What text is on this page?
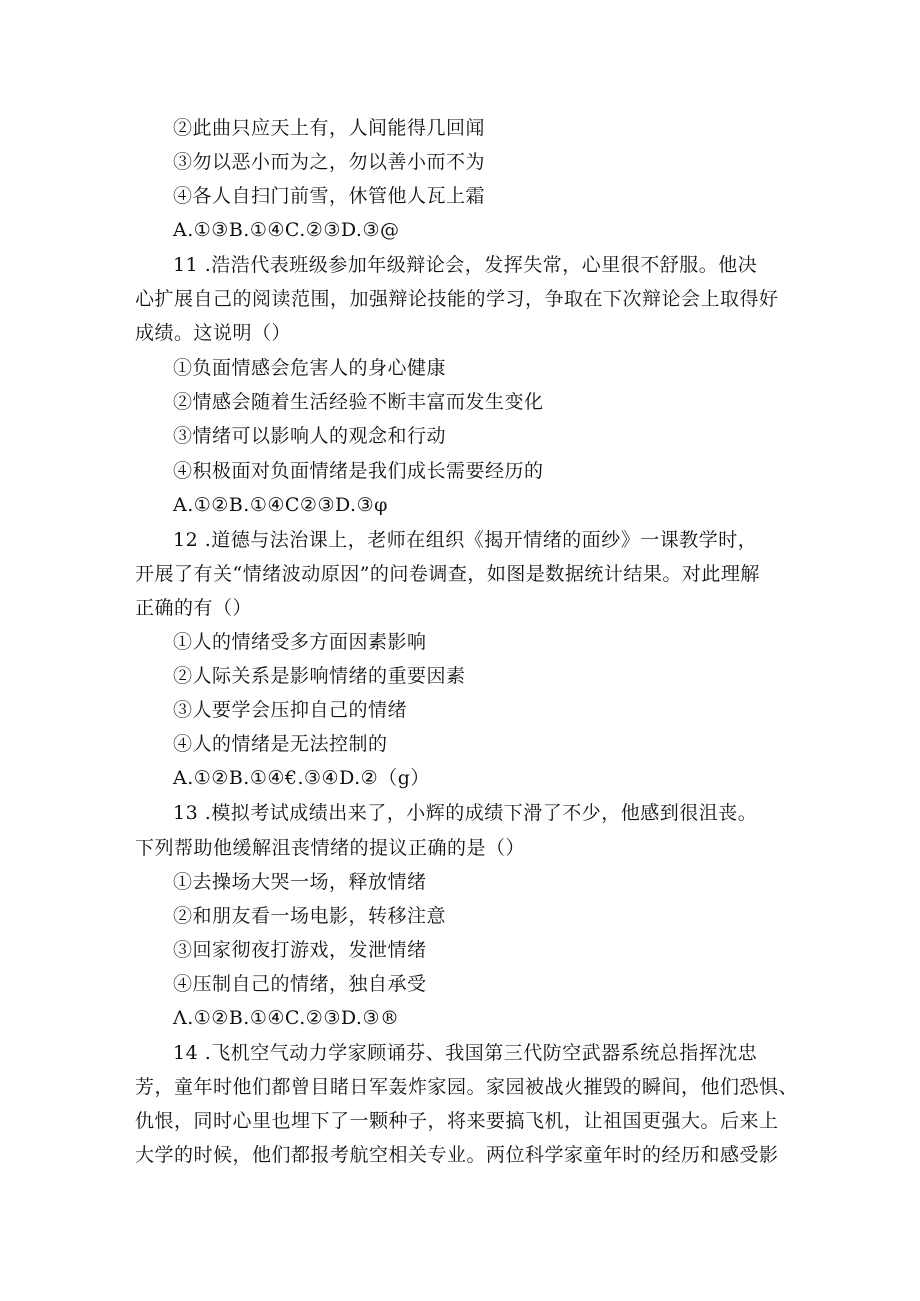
②此曲只应天上有，人间能得几回闻
③勿以恶小而为之，勿以善小而不为
④各人自扫门前雪，休管他人瓦上霜
A.①③B.①④C.②③D.③@
11 .浩浩代表班级参加年级辩论会，发挥失常，心里很不舒服。他决
心扩展自己的阅读范围，加强辩论技能的学习，争取在下次辩论会上取得好
成绩。这说明（）
①负面情感会危害人的身心健康
②情感会随着生活经验不断丰富而发生变化
③情绪可以影响人的观念和行动
④积极面对负面情绪是我们成长需要经历的
A.①②B.①④C②③D.③φ
12 .道德与法治课上，老师在组织《揭开情绪的面纱》一课教学时，
开展了有关“情绪波动原因”的问卷调查，如图是数据统计结果。对此理解
正确的有（）
①人的情绪受多方面因素影响
②人际关系是影响情绪的重要因素
③人要学会压抑自己的情绪
④人的情绪是无法控制的
A.①②B.①④€.③④D.②（g）
13 .模拟考试成绩出来了，小辉的成绩下滑了不少，他感到很沮丧。
下列帮助他缓解沮丧情绪的提议正确的是（）
①去操场大哭一场，释放情绪
②和朋友看一场电影，转移注意
③回家彻夜打游戏，发泄情绪
④压制自己的情绪，独自承受
Λ.①②B.①④C.②③D.③®
14 .飞机空气动力学家顾诵芬、我国第三代防空武器系统总指挥沈忠
芳，童年时他们都曾目睹日军轰炸家园。家园被战火摧毁的瞬间，他们恐惧、
仇恨，同时心里也埋下了一颗种子，将来要搞飞机，让祖国更强大。后来上
大学的时候，他们都报考航空相关专业。两位科学家童年时的经历和感受影
